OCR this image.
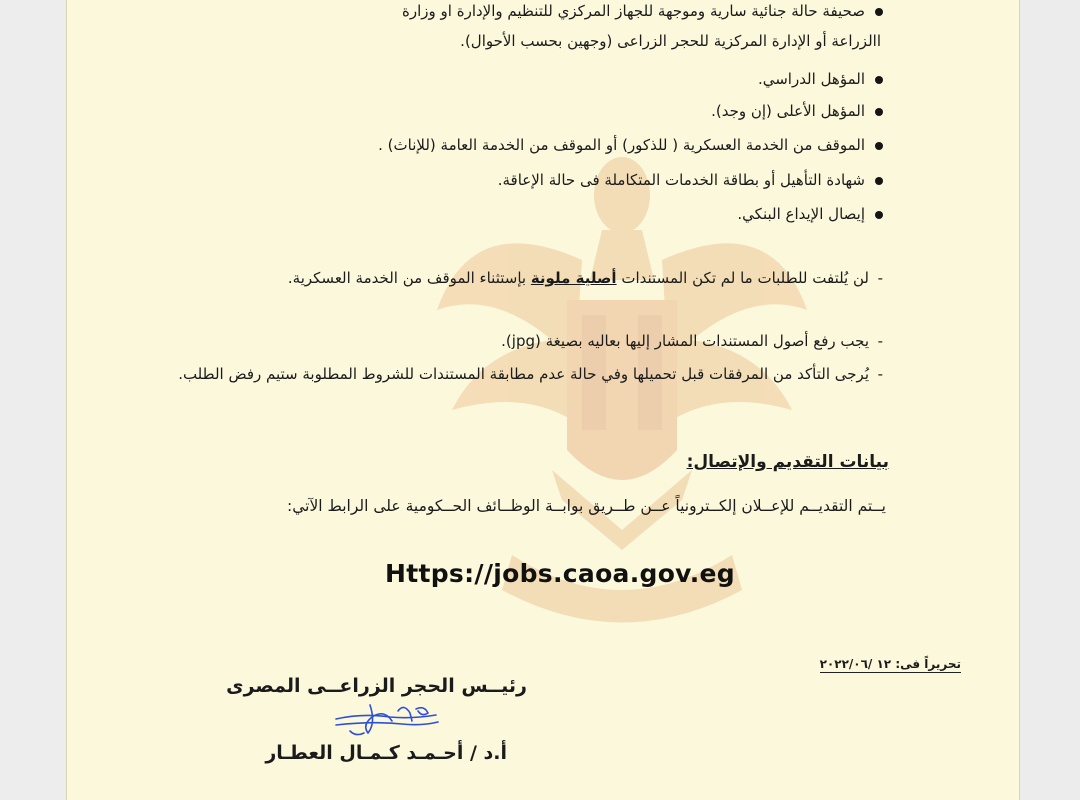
صحيفة حالة جنائية سارية وموجهة للجهاز المركزي للتنظيم والإدارة او وزارة
االزراعة أو الإدارة المركزية للحجر الزراعى (وجهين بحسب الأحوال).
المؤهل الدراسي.
المؤهل الأعلى (إن وجد).
الموقف من الخدمة العسكرية ( للذكور) أو الموقف من الخدمة العامة (للإناث) .
شهادة التأهيل أو بطاقة الخدمات المتكاملة فى حالة الإعاقة.
إيصال الإيداع البنكي.
-
لن يُلتفت للطلبات ما لم تكن المستندات أصلية ملونة بإستثناء الموقف من الخدمة العسكرية.
-
يجب رفع أصول المستندات المشار إليها بعاليه بصيغة (jpg).
-
يُرجى التأكد من المرفقات قبل تحميلها وفي حالة عدم مطابقة المستندات للشروط المطلوبة ستيم رفض الطلب.
بيانات التقديم والإتصال:
يــتم التقديــم للإعــلان إلكــترونياً عــن طــريق بوابــة الوظــائف الحــكومية على الرابط الآتي:
Https://jobs.caoa.gov.eg
تحريراً فى: ١٢ /٢٠٢٢/٠٦
رئيــس الحجر الزراعــى المصرى
أ.د / أحـمـد كـمـال العطـار
